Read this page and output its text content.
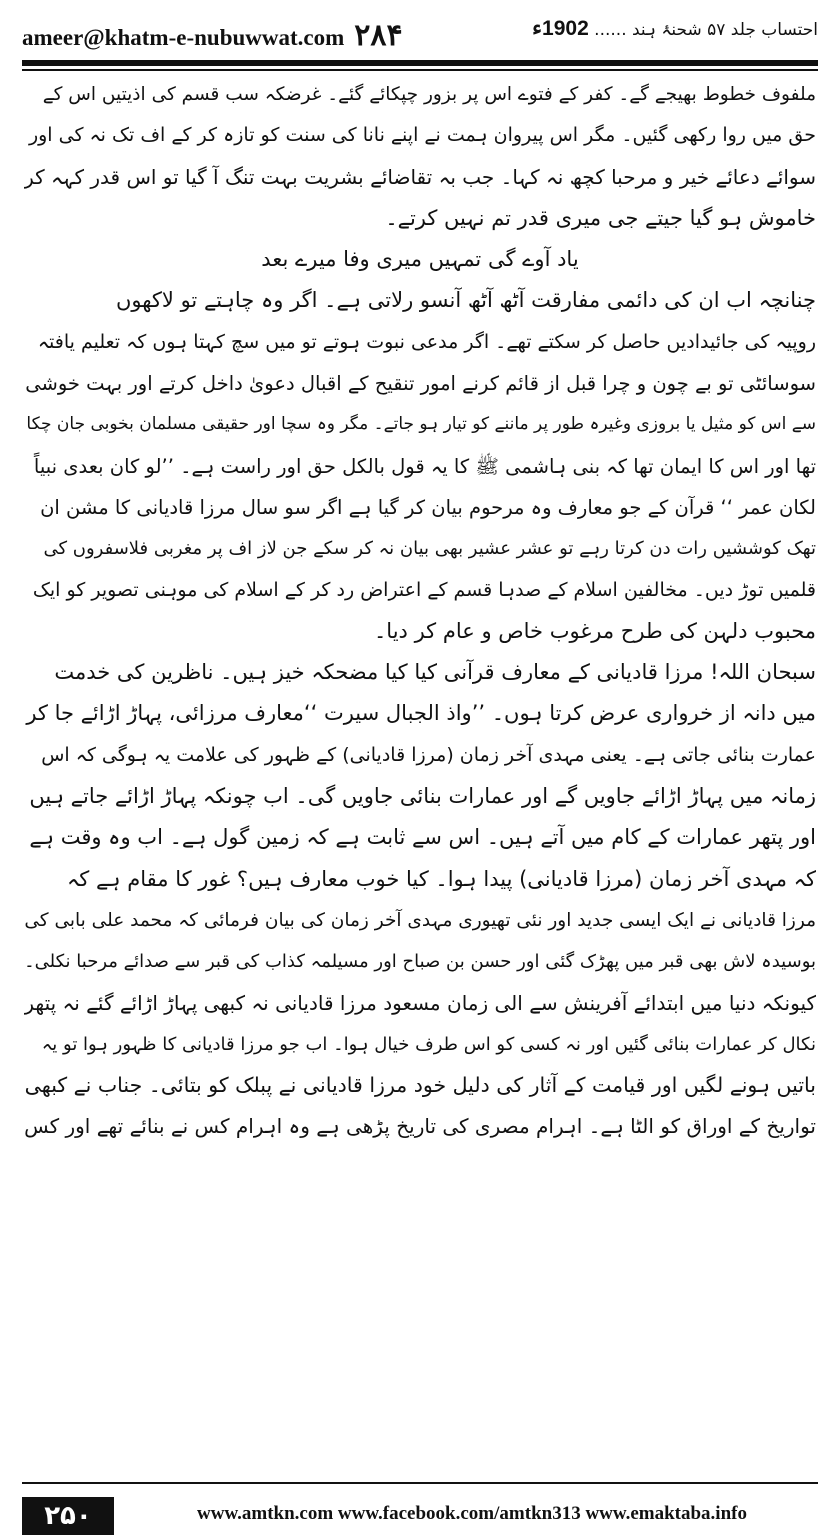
ameer@khatm-e-nubuwwat.com ۲۸۴	احتساب جلد ۵۷ شحنۂ ہند ...... 1902ء
ملفوف خطوط بھیجے گے۔ کفر کے فتوے اس پر بزور چپکائے گئے۔ غرضکہ سب قسم کی اذیتیں اس کے
حق میں روا رکھی گئیں۔ مگر اس پیروان ہمت نے اپنے نانا کی سنت کو تازہ کر کے اف تک نہ کی اور
سوائے دعائے خیر و مرحبا کچھ نہ کہا۔ جب بہ تقاضائے بشریت بہت تنگ آ گیا تو اس قدر کہہ کر
خاموش ہو گیا جیتے جی میری قدر تم نہیں کرتے۔
یاد آوے گی تمہیں میری وفا میرے بعد
چنانچہ اب ان کی دائمی مفارقت آٹھ آٹھ آنسو رلاتی ہے۔ اگر وہ چاہتے تو لاکھوں
روپیہ کی جائیدادیں حاصل کر سکتے تھے۔ اگر مدعی نبوت ہوتے تو میں سچ کہتا ہوں کہ تعلیم یافتہ
سوسائٹی تو بے چون و چرا قبل از قائم کرنے امور تنقیح کے اقبال دعویٰ داخل کرتے اور بہت خوشی
سے اس کو مثیل یا بروزی وغیرہ طور پر ماننے کو تیار ہو جاتے۔ مگر وہ سچا اور حقیقی مسلمان بخوبی جان چکا
تھا اور اس کا ایمان تھا کہ بنی ہاشمی ﷺ کا یہ قول بالکل حق اور راست ہے۔ ’’لو کان بعدی نبیاً
لکان عمر ‘‘ قرآن کے جو معارف وہ مرحوم بیان کر گیا ہے اگر سو سال مرزا قادیانی کا مشن ان
تھک کوششیں رات دن کرتا رہے تو عشر عشیر بھی بیان نہ کر سکے جن لاز اف پر مغربی فلاسفروں کی
قلمیں توڑ دیں۔ مخالفین اسلام کے صدہا قسم کے اعتراض رد کر کے اسلام کی موہنی تصویر کو ایک
محبوب دلہن کی طرح مرغوب خاص و عام کر دیا۔
سبحان اللہ! مرزا قادیانی کے معارف قرآنی کیا کیا مضحکہ خیز ہیں۔ ناظرین کی خدمت
میں دانہ از خرواری عرض کرتا ہوں۔ ’’واذ الجبال سیرت ‘‘معارف مرزائی، پہاڑ اڑائے جا کر
عمارت بنائی جاتی ہے۔ یعنی مہدی آخر زمان (مرزا قادیانی) کے ظہور کی علامت یہ ہوگی کہ اس
زمانہ میں پہاڑ اڑائے جاویں گے اور عمارات بنائی جاویں گی۔ اب چونکہ پہاڑ اڑائے جاتے ہیں
اور پتھر عمارات کے کام میں آتے ہیں۔ اس سے ثابت ہے کہ زمین گول ہے۔ اب وہ وقت ہے
کہ مہدی آخر زمان (مرزا قادیانی) پیدا ہوا۔ کیا خوب معارف ہیں؟ غور کا مقام ہے کہ
مرزا قادیانی نے ایک ایسی جدید اور نئی تھیوری مہدی آخر زمان کی بیان فرمائی کہ محمد علی بابی کی
بوسیدہ لاش بھی قبر میں پھڑک گئی اور حسن بن صباح اور مسیلمہ کذاب کی قبر سے صدائے مرحبا نکلی۔
کیونکہ دنیا میں ابتدائے آفرینش سے الی زمان مسعود مرزا قادیانی نہ کبھی پہاڑ اڑائے گئے نہ پتھر
نکال کر عمارات بنائی گئیں اور نہ کسی کو اس طرف خیال ہوا۔ اب جو مرزا قادیانی کا ظہور ہوا تو یہ
باتیں ہونے لگیں اور قیامت کے آثار کی دلیل خود مرزا قادیانی نے پبلک کو بتائی۔ جناب نے کبھی
تواریخ کے اوراق کو الٹا ہے۔ اہرام مصری کی تاریخ پڑھی ہے وہ اہرام کس نے بنائے تھے اور کس
۲۵۰	www.amtkn.com www.facebook.com/amtkn313 www.emaktaba.info
